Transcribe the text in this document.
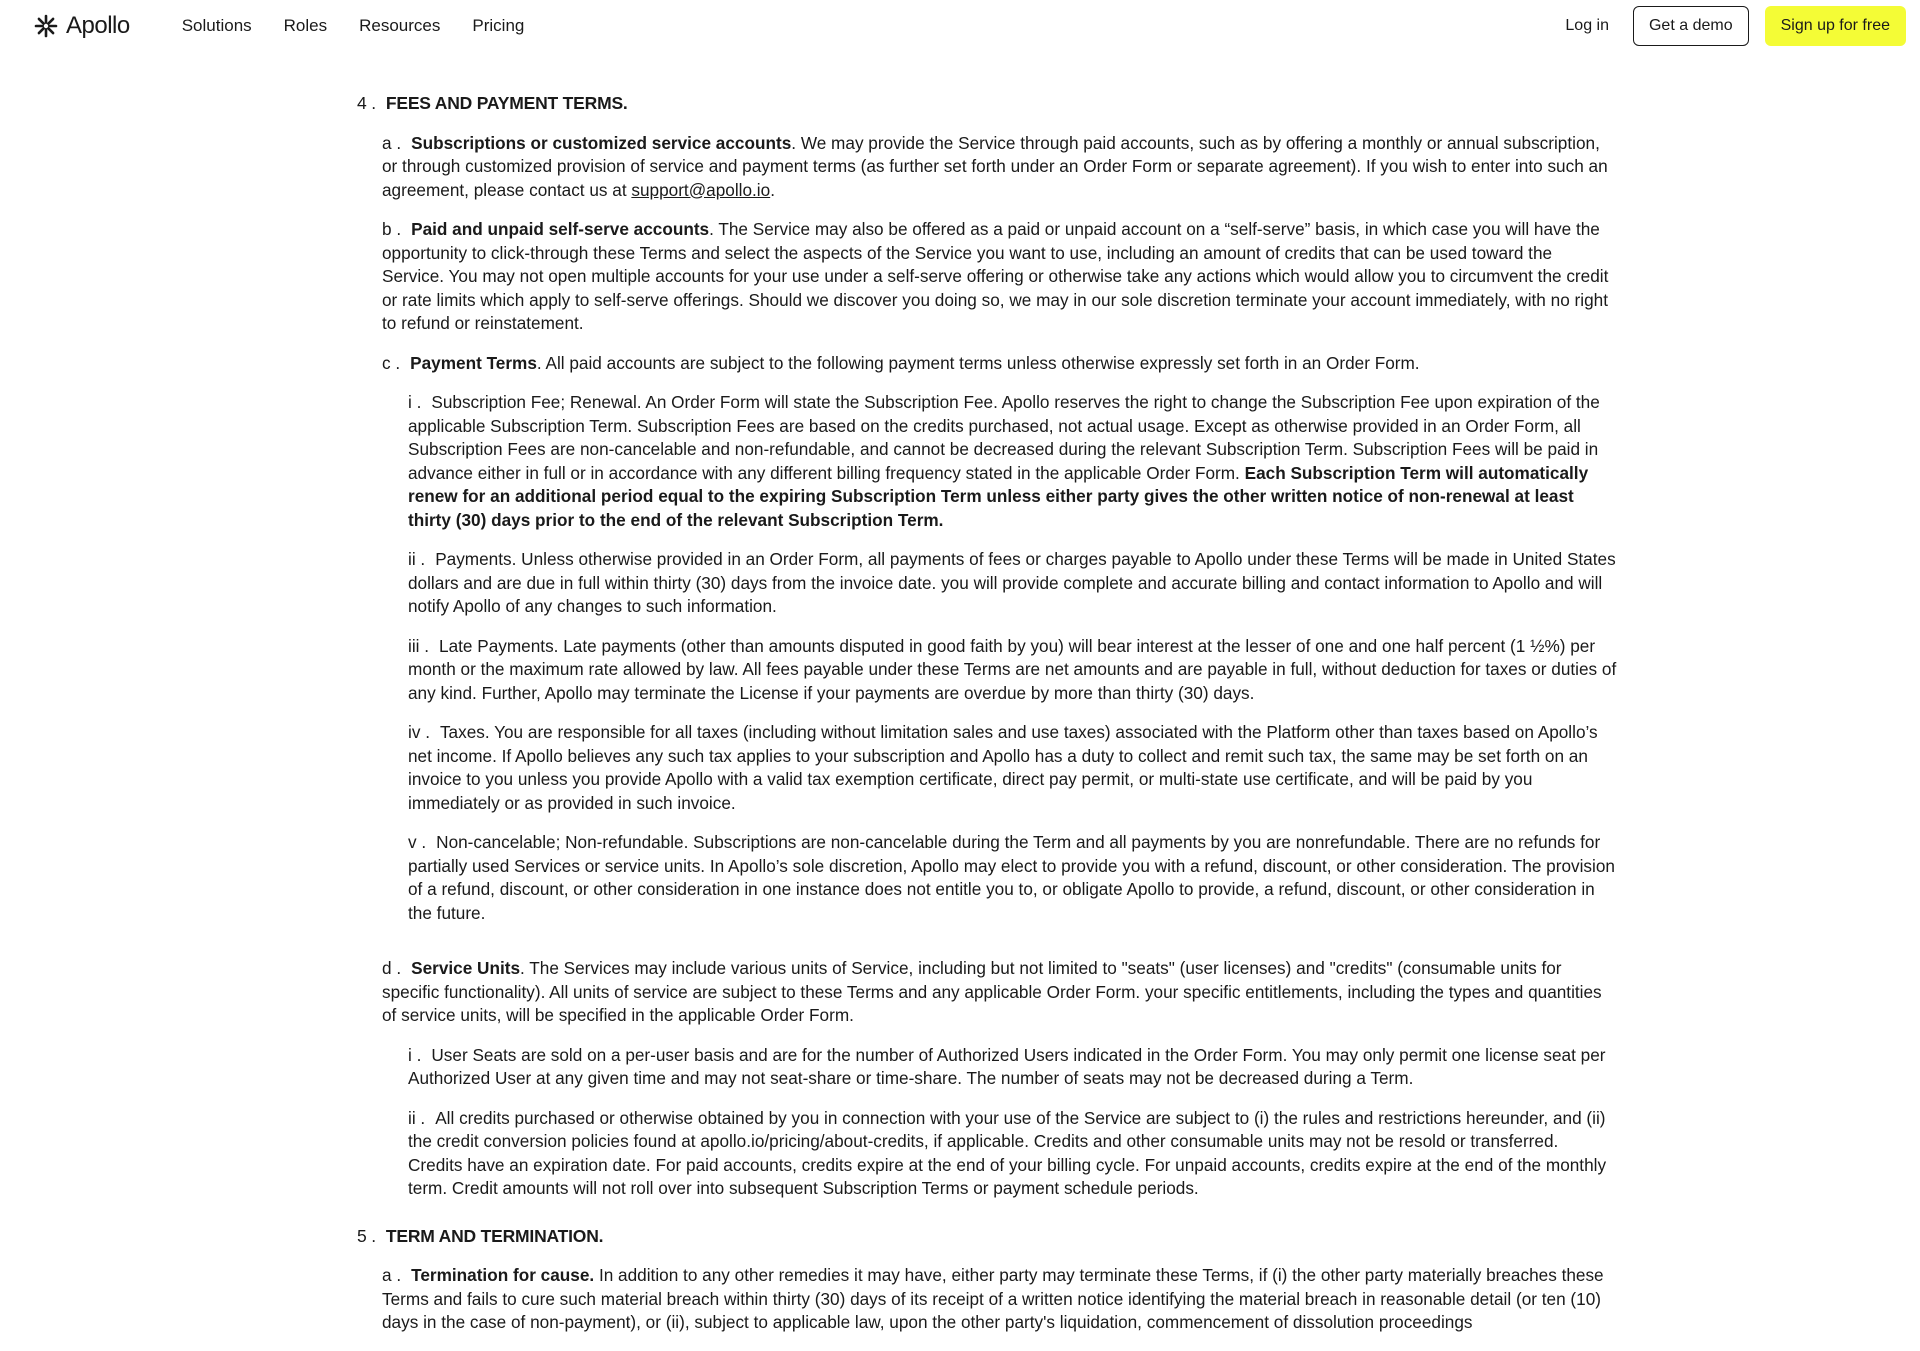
Apollo	Solutions Roles Resources Pricing	Log in	Get a demo	Sign up for free
4 . FEES AND PAYMENT TERMS.

a . Subscriptions or customized service accounts. We may provide the Service through paid accounts, such as by offering a monthly or annual subscription, or through customized provision of service and payment terms (as further set forth under an Order Form or separate agreement). If you wish to enter into such an agreement, please contact us at support@apollo.io.

b . Paid and unpaid self-serve accounts. The Service may also be offered as a paid or unpaid account on a “self-serve” basis, in which case you will have the opportunity to click-through these Terms and select the aspects of the Service you want to use, including an amount of credits that can be used toward the Service. You may not open multiple accounts for your use under a self-serve offering or otherwise take any actions which would allow you to circumvent the credit or rate limits which apply to self-serve offerings. Should we discover you doing so, we may in our sole discretion terminate your account immediately, with no right to refund or reinstatement.

c . Payment Terms. All paid accounts are subject to the following payment terms unless otherwise expressly set forth in an Order Form.

i . Subscription Fee; Renewal. An Order Form will state the Subscription Fee. Apollo reserves the right to change the Subscription Fee upon expiration of the applicable Subscription Term. Subscription Fees are based on the credits purchased, not actual usage. Except as otherwise provided in an Order Form, all Subscription Fees are non-cancelable and non-refundable, and cannot be decreased during the relevant Subscription Term. Subscription Fees will be paid in advance either in full or in accordance with any different billing frequency stated in the applicable Order Form. Each Subscription Term will automatically renew for an additional period equal to the expiring Subscription Term unless either party gives the other written notice of non-renewal at least thirty (30) days prior to the end of the relevant Subscription Term.

ii . Payments. Unless otherwise provided in an Order Form, all payments of fees or charges payable to Apollo under these Terms will be made in United States dollars and are due in full within thirty (30) days from the invoice date. you will provide complete and accurate billing and contact information to Apollo and will notify Apollo of any changes to such information.

iii . Late Payments. Late payments (other than amounts disputed in good faith by you) will bear interest at the lesser of one and one half percent (1 ½%) per month or the maximum rate allowed by law. All fees payable under these Terms are net amounts and are payable in full, without deduction for taxes or duties of any kind. Further, Apollo may terminate the License if your payments are overdue by more than thirty (30) days.

iv . Taxes. You are responsible for all taxes (including without limitation sales and use taxes) associated with the Platform other than taxes based on Apollo’s net income. If Apollo believes any such tax applies to your subscription and Apollo has a duty to collect and remit such tax, the same may be set forth on an invoice to you unless you provide Apollo with a valid tax exemption certificate, direct pay permit, or multi-state use certificate, and will be paid by you immediately or as provided in such invoice.

v . Non-cancelable; Non-refundable. Subscriptions are non-cancelable during the Term and all payments by you are nonrefundable. There are no refunds for partially used Services or service units. In Apollo’s sole discretion, Apollo may elect to provide you with a refund, discount, or other consideration. The provision of a refund, discount, or other consideration in one instance does not entitle you to, or obligate Apollo to provide, a refund, discount, or other consideration in the future.

d . Service Units. The Services may include various units of Service, including but not limited to "seats" (user licenses) and "credits" (consumable units for specific functionality). All units of service are subject to these Terms and any applicable Order Form. your specific entitlements, including the types and quantities of service units, will be specified in the applicable Order Form.

i . User Seats are sold on a per-user basis and are for the number of Authorized Users indicated in the Order Form. You may only permit one license seat per Authorized User at any given time and may not seat-share or time-share. The number of seats may not be decreased during a Term.

ii . All credits purchased or otherwise obtained by you in connection with your use of the Service are subject to (i) the rules and restrictions hereunder, and (ii) the credit conversion policies found at apollo.io/pricing/about-credits, if applicable. Credits and other consumable units may not be resold or transferred. Credits have an expiration date. For paid accounts, credits expire at the end of your billing cycle. For unpaid accounts, credits expire at the end of the monthly term. Credit amounts will not roll over into subsequent Subscription Terms or payment schedule periods.

5 . TERM AND TERMINATION.

a . Termination for cause. In addition to any other remedies it may have, either party may terminate these Terms, if (i) the other party materially breaches these Terms and fails to cure such material breach within thirty (30) days of its receipt of a written notice identifying the material breach in reasonable detail (or ten (10) days in the case of non-payment), or (ii), subject to applicable law, upon the other party's liquidation, commencement of dissolution proceedings
